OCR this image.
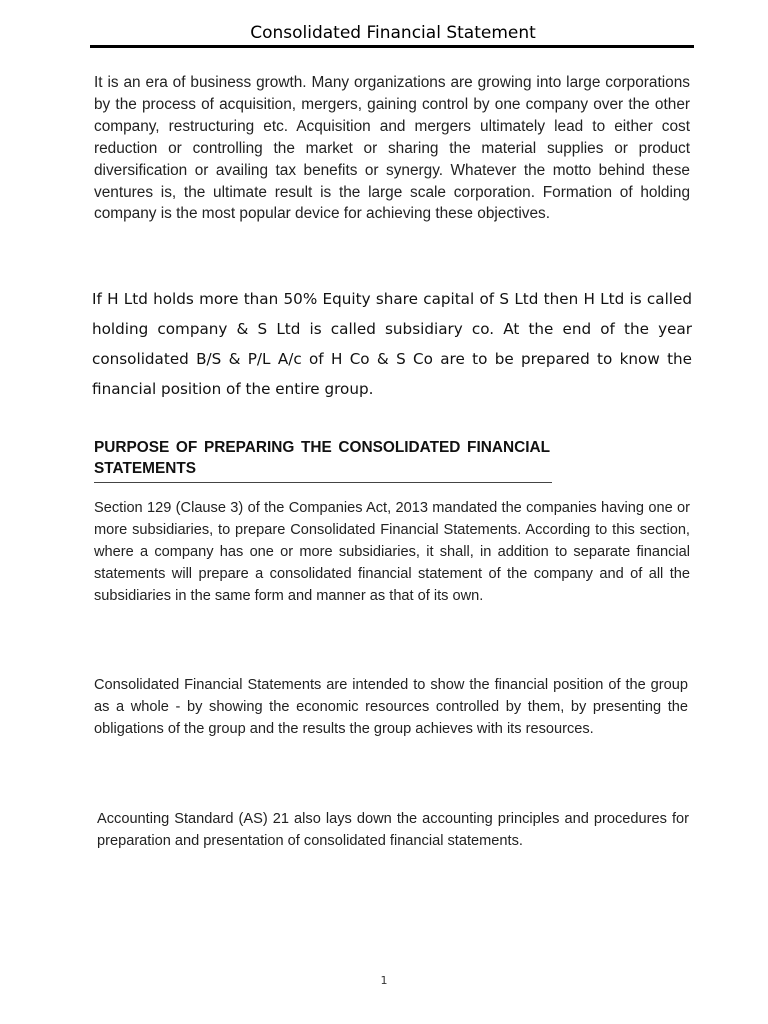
Consolidated Financial Statement

It is an era of business growth. Many organizations are growing into large corporations by the process of acquisition, mergers, gaining control by one company over the other company, restructuring etc. Acquisition and mergers ultimately lead to either cost reduction or controlling the market or sharing the material supplies or product diversification or availing tax benefits or synergy. Whatever the motto behind these ventures is, the ultimate result is the large scale corporation. Formation of holding company is the most popular device for achieving these objectives.

If H Ltd holds more than 50% Equity share capital of S Ltd then H Ltd is called holding company & S Ltd is called subsidiary co. At the end of the year consolidated B/S & P/L A/c of H Co & S Co are to be prepared to know the financial position of the entire group.

PURPOSE OF PREPARING THE CONSOLIDATED FINANCIAL STATEMENTS

Section 129 (Clause 3) of the Companies Act, 2013 mandated the companies having one or more subsidiaries, to prepare Consolidated Financial Statements. According to this section, where a company has one or more subsidiaries, it shall, in addition to separate financial statements will prepare a consolidated financial statement of the company and of all the subsidiaries in the same form and manner as that of its own.

Consolidated Financial Statements are intended to show the financial position of the group as a whole - by showing the economic resources controlled by them, by presenting the obligations of the group and the results the group achieves with its resources.

Accounting Standard (AS) 21 also lays down the accounting principles and procedures for preparation and presentation of consolidated financial statements.

1
